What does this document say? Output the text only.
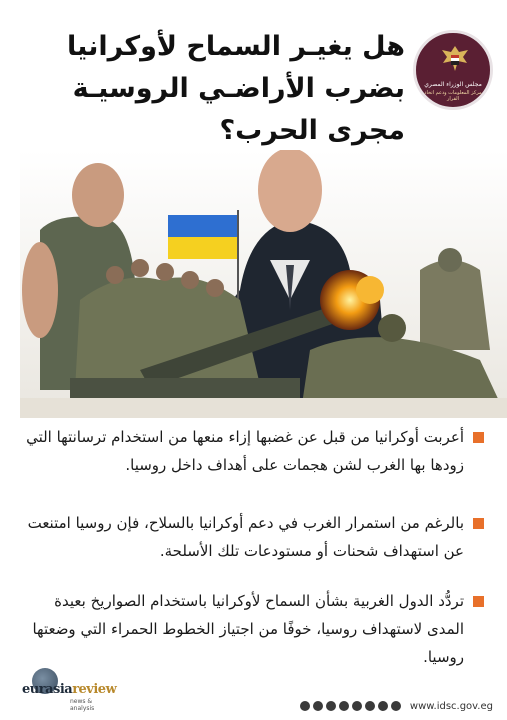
مجلس الوزراء المصري
مركز المعلومات ودعم اتخاذ القرار
هل يغيـر السماح لأوكرانيا
بضرب الأراضـي الروسيـة
مجرى الحرب؟
أعربت أوكرانيا من قبل عن غضبها إزاء منعها من استخدام ترسانتها التي زودها بها الغرب لشن هجمات على أهداف داخل روسيا.
بالرغم من استمرار الغرب في دعم أوكرانيا بالسلاح، فإن روسيا امتنعت عن استهداف شحنات أو مستودعات تلك الأسلحة.
تردُّد الدول الغربية بشأن السماح لأوكرانيا باستخدام الصواريخ بعيدة المدى لاستهداف روسيا، خوفًا من اجتياز الخطوط الحمراء التي وضعتها روسيا.
eurasiareview
news & analysis	www.idsc.gov.eg
